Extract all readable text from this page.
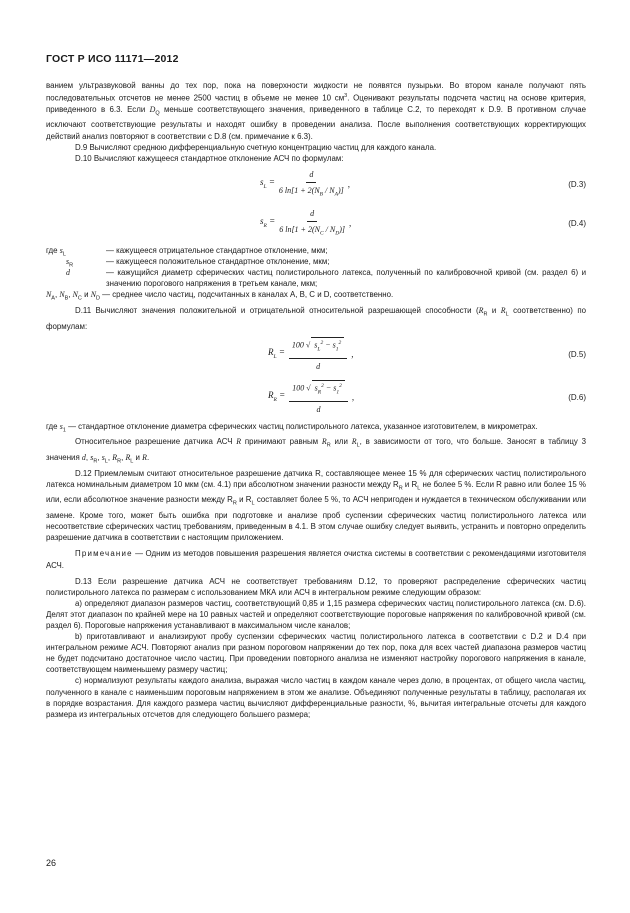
ГОСТ Р ИСО 11171—2012

ванием ультразвуковой ванны до тех пор, пока на поверхности жидкости не появятся пузырьки. Во втором канале получают пять последовательных отсчетов не менее 2500 частиц в объеме не менее 10 $см^3$. Оценивают результаты подсчета частиц на основе критерия, приведенного в 6.3. Если $D_Q$ меньше соответствующего значения, приведенного в таблице С.2, то переходят к D.9. В противном случае исключают соответствующие результаты и находят ошибку в проведении анализа. После выполнения соответствующих корректирующих действий анализ повторяют в соответствии с D.8 (см. примечание к 6.3).

D.9 Вычисляют среднюю дифференциальную счетную концентрацию частиц для каждого канала.

D.10 Вычисляют кажущееся стандартное отклонение АСЧ по формулам:

$s_L = \frac{d}{6 \ln[1 + 2(N_B / N_A)]}$ ,	(D.3)
$s_R = \frac{d}{6 \ln[1 + 2(N_C / N_D)]}$ ,	(D.4)
где $s_L$	— кажущееся отрицательное стандартное отклонение, мкм;
$s_R$	— кажущееся положительное стандартное отклонение, мкм;
d	— кажущийся диаметр сферических частиц полистирольного латекса, полученный по калибровочной кривой (см. раздел 6) и значению порогового напряжения в третьем канале, мкм;
$N_A$, $N_B$, $N_C$ и $N_D$ — среднее число частиц, подсчитанных в каналах A, B, C и D, соответственно.

D.11 Вычисляют значения положительной и отрицательной относительной разрешающей способности ($R_R$ и $R_L$ соответственно) по формулам:

$R_L = \frac{100 √ s_L^2 - s_1^2}{d}$ ,	(D.5)
$R_R = \frac{100 √ s_R^2 - s_1^2}{d}$ ,	(D.6)
где $s_1$ — стандартное отклонение диаметра сферических частиц полистирольного латекса, указанное изготовителем, в микрометрах.

Относительное разрешение датчика АСЧ R принимают равным $R_R$ или $R_L$, в зависимости от того, что больше. Заносят в таблицу 3 значения d, $s_R$, $s_L$, $R_R$, $R_L$ и R.

D.12 Приемлемым считают относительное разрешение датчика R, составляющее менее 15 % для сферических частиц полистирольного латекса номинальным диаметром 10 мкм (см. 4.1) при абсолютном значении разности между $R_R$ и $R_L$ не более 5 %. Если R равно или более 15 % или, если абсолютное значение разности между $R_R$ и $R_L$ составляет более 5 %, то АСЧ непригоден и нуждается в техническом обслуживании или замене. Кроме того, может быть ошибка при подготовке и анализе проб суспензии сферических частиц полистирольного латекса или несоответствие сферических частиц требованиям, приведенным в 4.1. В этом случае ошибку следует выявить, устранить и повторно определить разрешение датчика в соответствии с настоящим приложением.

Примечание — Одним из методов повышения разрешения является очистка системы в соответствии с рекомендациями изготовителя АСЧ.

D.13 Если разрешение датчика АСЧ не соответствует требованиям D.12, то проверяют распределение сферических частиц полистирольного латекса по размерам с использованием МКА или АСЧ в интегральном режиме следующим образом:

а) определяют диапазон размеров частиц, соответствующий 0,85 и 1,15 размера сферических частиц полистирольного латекса (см. D.6). Делят этот диапазон по крайней мере на 10 равных частей и определяют соответствующие пороговые напряжения по калибровочной кривой (см. раздел 6). Пороговые напряжения устанавливают в максимальном числе каналов;

b) приготавливают и анализируют пробу суспензии сферических частиц полистирольного латекса в соответствии с D.2 и D.4 при интегральном режиме АСЧ. Повторяют анализ при разном пороговом напряжении до тех пор, пока для всех частей диапазона размеров частиц не будет подсчитано достаточное число частиц. При проведении повторного анализа не изменяют настройку порогового напряжения в канале, соответствующем наименьшему размеру частиц;

с) нормализуют результаты каждого анализа, выражая число частиц в каждом канале через долю, в процентах, от общего числа частиц, полученного в канале с наименьшим пороговым напряжением в этом же анализе. Объединяют полученные результаты в таблицу, располагая их в порядке возрастания. Для каждого размера частиц вычисляют дифференциальные разности, %, вычитая интегральные отсчеты для каждого размера из интегральных отсчетов для следующего большего размера;

26
